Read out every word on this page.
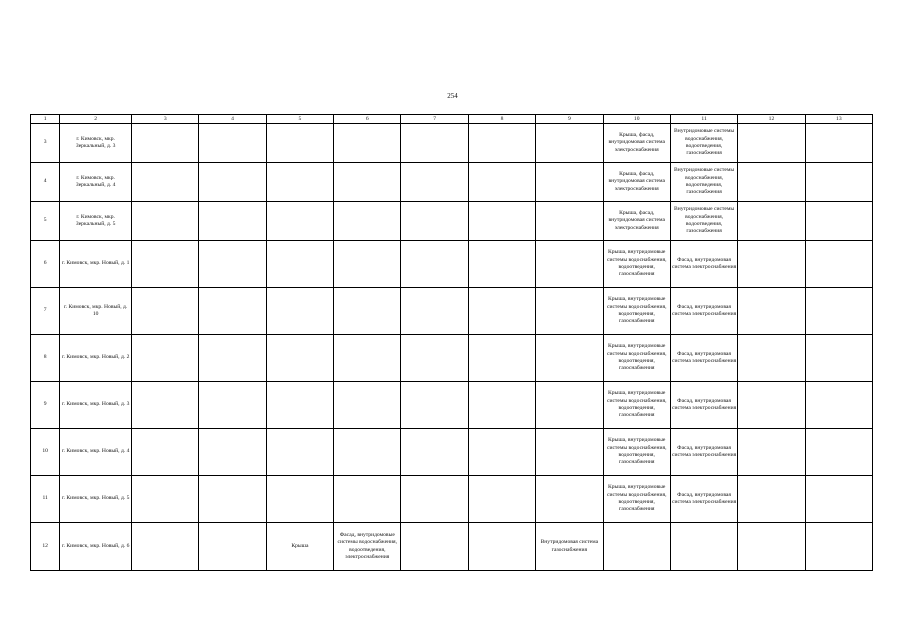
254
1	2	3	4	5	6	7	8	9	10	11	12	13
3	г. Кимовск, мкр. Зеркальный, д. 3								Крыша, фасад, внутридомовая система электроснабжения	Внутридомовые системы водоснабжения, водоотведения, газоснабжения		
4	г. Кимовск, мкр. Зеркальный, д. 4								Крыша, фасад, внутридомовая система электроснабжения	Внутридомовые системы водоснабжения, водоотведения, газоснабжения		
5	г. Кимовск, мкр. Зеркальный, д. 5								Крыша, фасад, внутридомовая система электроснабжения	Внутридомовые системы водоснабжения, водоотведения, газоснабжения		
6	г. Кимовск, мкр. Новый, д. 1								Крыша, внутридомовые системы водоснабжения, водоотведения, газоснабжения	Фасад, внутридомовая система электроснабжения		
7	г. Кимовск, мкр. Новый, д. 10								Крыша, внутридомовые системы водоснабжения, водоотведения, газоснабжения	Фасад, внутридомовая система электроснабжения		
8	г. Кимовск, мкр. Новый, д. 2								Крыша, внутридомовые системы водоснабжения, водоотведения, газоснабжения	Фасад, внутридомовая система электроснабжения		
9	г. Кимовск, мкр. Новый, д. 3								Крыша, внутридомовые системы водоснабжения, водоотведения, газоснабжения	Фасад, внутридомовая система электроснабжения		
10	г. Кимовск, мкр. Новый, д. 4								Крыша, внутридомовые системы водоснабжения, водоотведения, газоснабжения	Фасад, внутридомовая система электроснабжения		
11	г. Кимовск, мкр. Новый, д. 5								Крыша, внутридомовые системы водоснабжения, водоотведения, газоснабжения	Фасад, внутридомовая система электроснабжения		
12	г. Кимовск, мкр. Новый, д. 6			Крыша	Фасад, внутридомовые системы водоснабжения, водоотведения, электроснабжения			Внутридомовая система газоснабжения				
